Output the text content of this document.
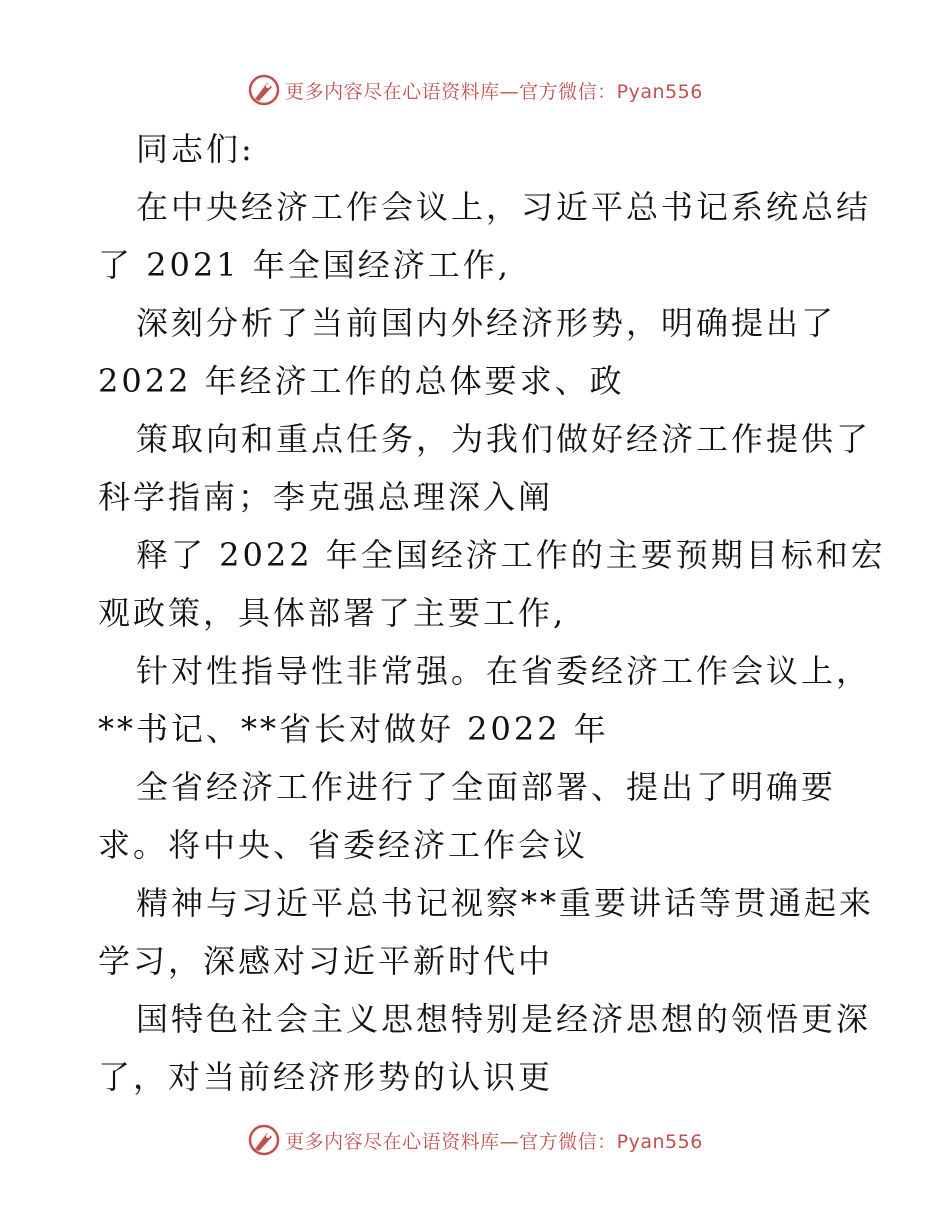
更多内容尽在心语资料库—官方微信：Pyan556
同志们:
在中央经济工作会议上，习近平总书记系统总结
了 2021 年全国经济工作,
深刻分析了当前国内外经济形势，明确提出了
2022 年经济工作的总体要求、政
策取向和重点任务，为我们做好经济工作提供了
科学指南；李克强总理深入阐
释了 2022 年全国经济工作的主要预期目标和宏
观政策，具体部署了主要工作,
针对性指导性非常强。在省委经济工作会议上，
**书记、**省长对做好 2022 年
全省经济工作进行了全面部署、提出了明确要
求。将中央、省委经济工作会议
精神与习近平总书记视察**重要讲话等贯通起来
学习，深感对习近平新时代中
国特色社会主义思想特别是经济思想的领悟更深
了，对当前经济形势的认识更
更多内容尽在心语资料库—官方微信：Pyan556
